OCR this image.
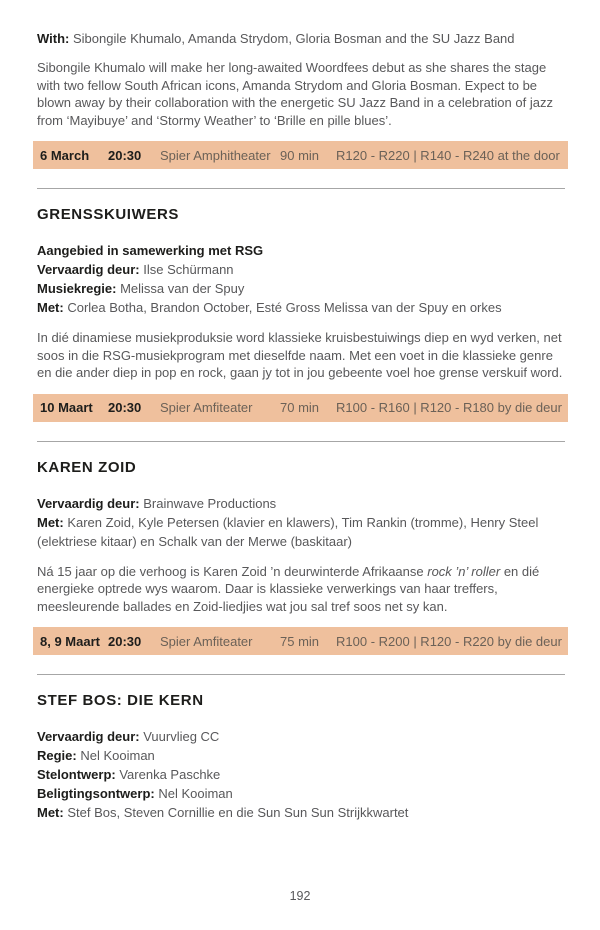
With: Sibongile Khumalo, Amanda Strydom, Gloria Bosman and the SU Jazz Band

Sibongile Khumalo will make her long-awaited Woordfees debut as she shares the stage with two fellow South African icons, Amanda Strydom and Gloria Bosman. Expect to be blown away by their collaboration with the energetic SU Jazz Band in a celebration of jazz from ‘Mayibuye’ and ‘Stormy Weather’ to ‘Brille en pille blues’.

6 March	20:30	Spier Amphitheater 90 min	R120 - R220 | R140 - R240 at the door
GRENSSKUIWERS
Aangebied in samewerking met RSG
Vervaardig deur: Ilse Schürmann
Musiekregie: Melissa van der Spuy
Met: Corlea Botha, Brandon October, Esté Gross Melissa van der Spuy en orkes

In dié dinamiese musiekproduksie word klassieke kruisbestuiwings diep en wyd verken, net soos in die RSG-musiekprogram met dieselfde naam. Met een voet in die klassieke genre en die ander diep in pop en rock, gaan jy tot in jou gebeente voel hoe grense verskuif word.

10 Maart	20:30	Spier Amfiteater	70 min	R100 - R160 | R120 - R180 by die deur
KAREN ZOID
Vervaardig deur: Brainwave Productions
Met: Karen Zoid, Kyle Petersen (klavier en klawers), Tim Rankin (tromme), Henry Steel (elektriese kitaar) en Schalk van der Merwe (baskitaar)

Ná 15 jaar op die verhoog is Karen Zoid ’n deurwinterde Afrikaanse rock ’n’ roller en dié energieke optrede wys waarom. Daar is klassieke verwerkings van haar treffers, meesleurende ballades en Zoid-liedjies wat jou sal tref soos net sy kan.

8, 9 Maart 20:30	Spier Amfiteater	75 min	R100 - R200 | R120 - R220 by die deur
STEF BOS: DIE KERN
Vervaardig deur: Vuurvlieg CC
Regie: Nel Kooiman
Stelontwerp: Varenka Paschke
Beligtingsontwerp: Nel Kooiman
Met: Stef Bos, Steven Cornillie en die Sun Sun Sun Strijkkwartet
192
